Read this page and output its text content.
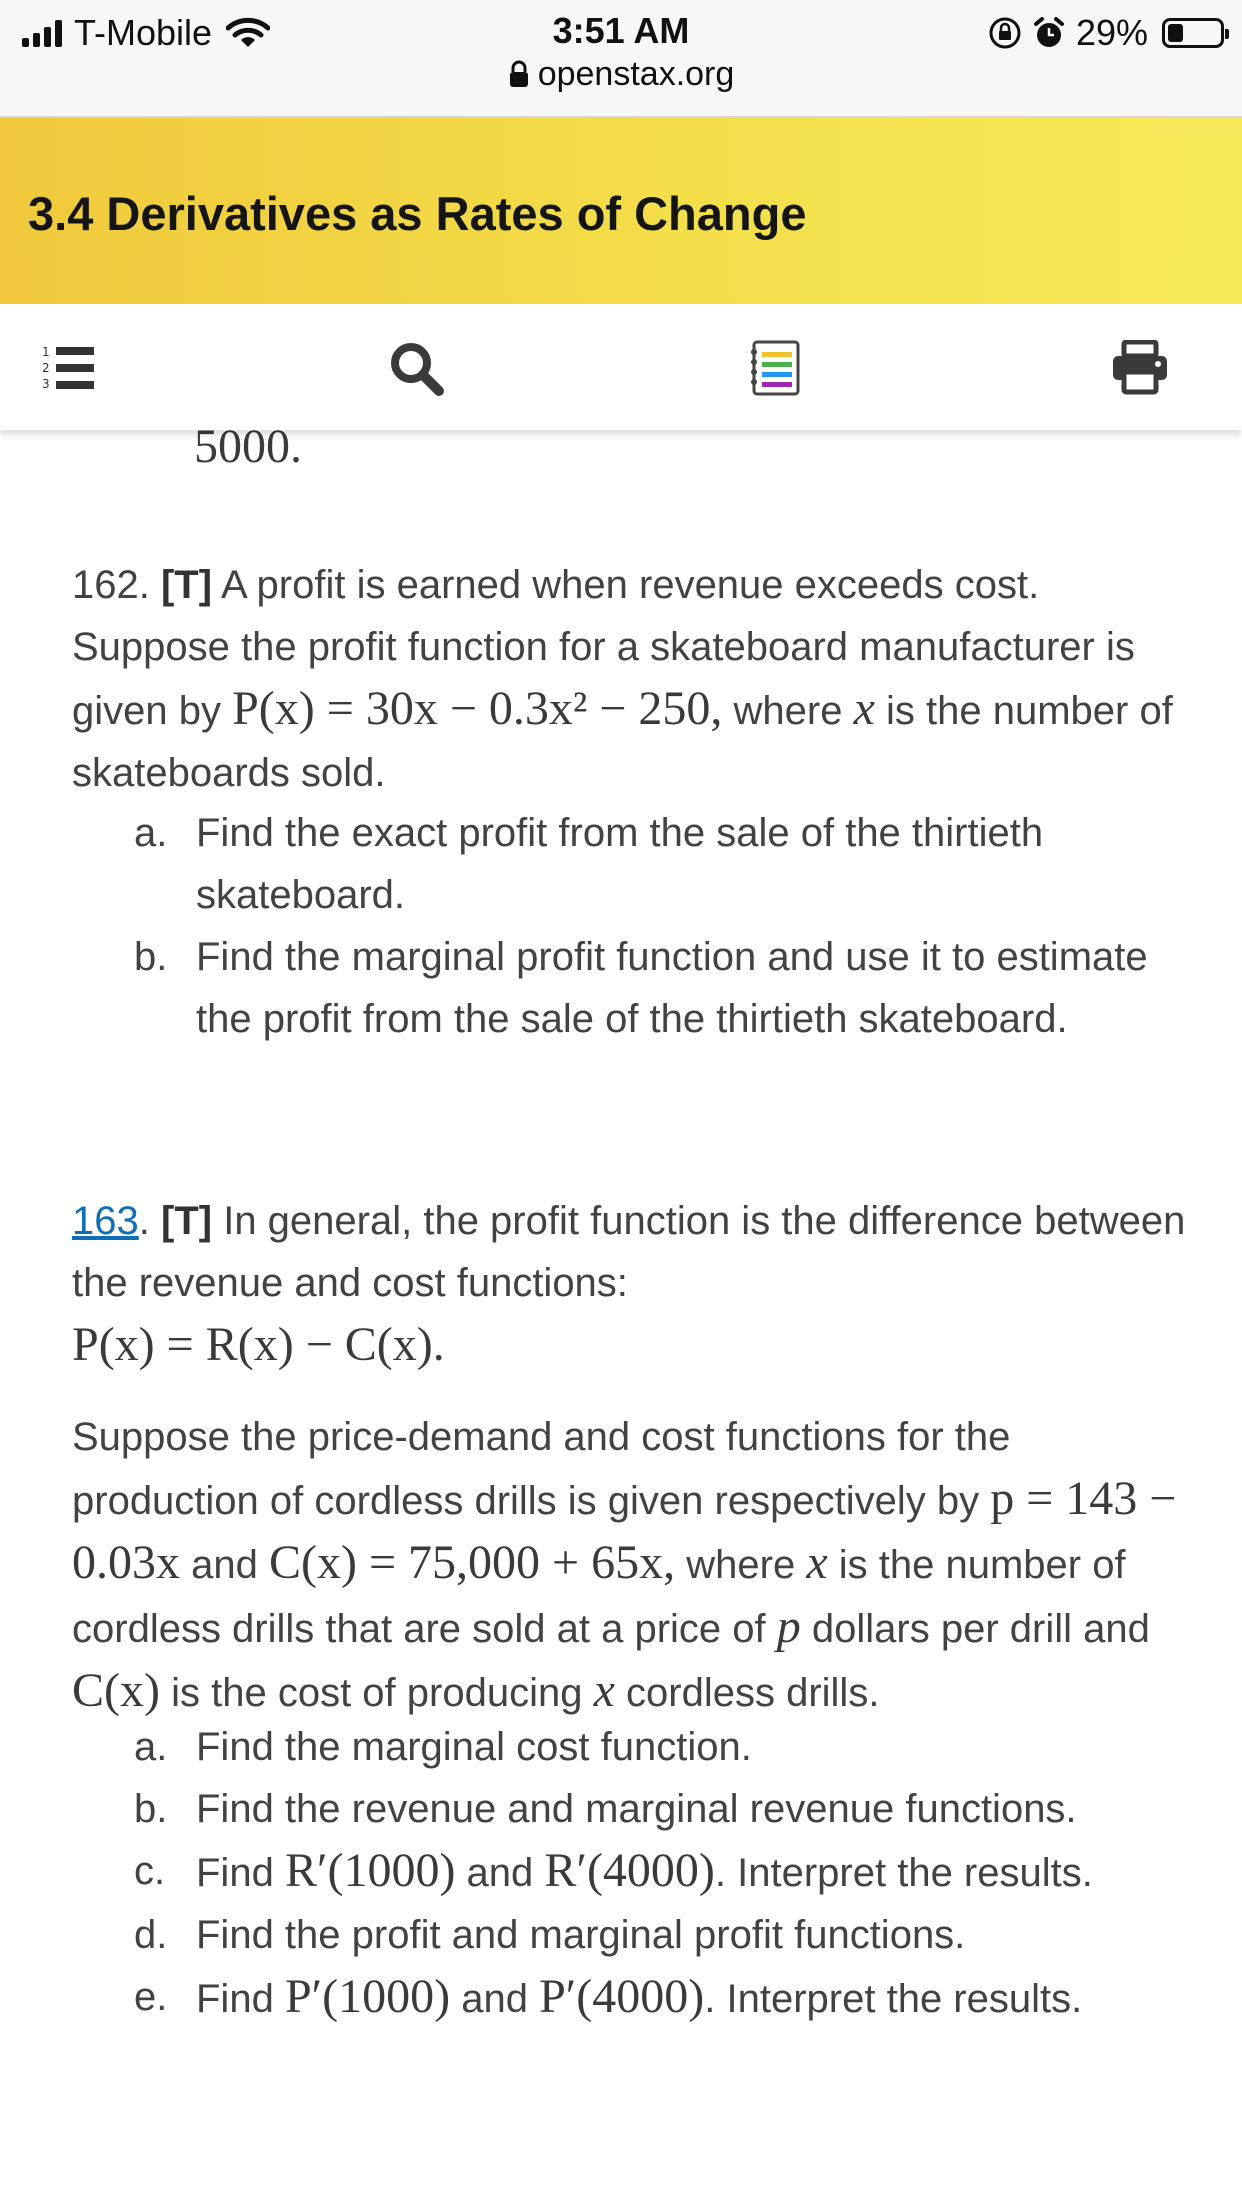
T-Mobile	3:51 AM
openstax.org
29%
3.4 Derivatives as Rates of Change
1
2
3
5000.
162. [T] A profit is earned when revenue exceeds cost. Suppose the profit function for a skateboard manufacturer is given by P(x) = 30x − 0.3x² − 250, where x is the number of skateboards sold.
a. Find the exact profit from the sale of the thirtieth skateboard.
b. Find the marginal profit function and use it to estimate the profit from the sale of the thirtieth skateboard.
163. [T] In general, the profit function is the difference between the revenue and cost functions:
P(x) = R(x) − C(x).
Suppose the price-demand and cost functions for the production of cordless drills is given respectively by p = 143 − 0.03x and C(x) = 75,000 + 65x, where x is the number of cordless drills that are sold at a price of p dollars per drill and C(x) is the cost of producing x cordless drills.
a. Find the marginal cost function.
b. Find the revenue and marginal revenue functions.
c. Find R′(1000) and R′(4000). Interpret the results.
d. Find the profit and marginal profit functions.
e. Find P′(1000) and P′(4000). Interpret the results.
